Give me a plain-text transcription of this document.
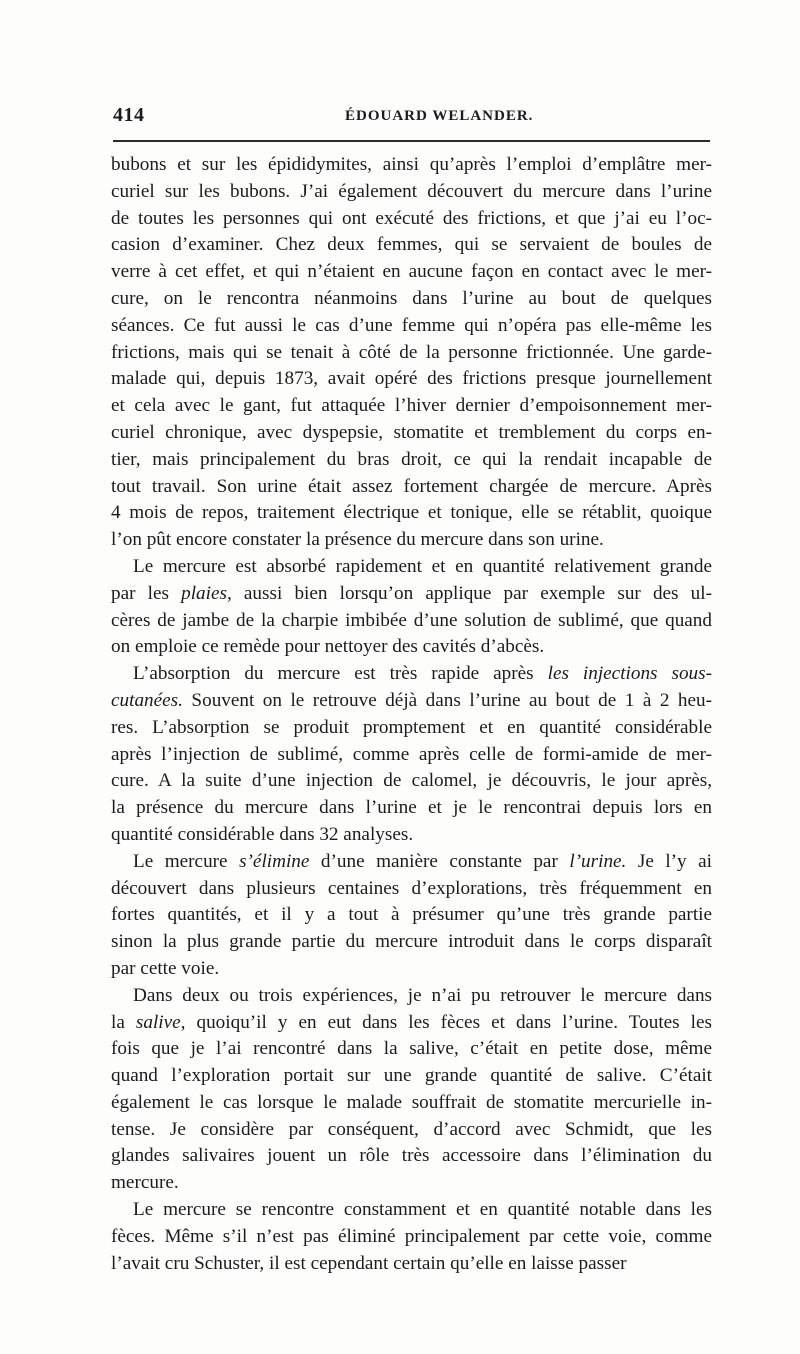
414	ÉDOUARD WELANDER.
bubons et sur les épididymites, ainsi qu’après l’emploi d’emplâtre mer-
curiel sur les bubons. J’ai également découvert du mercure dans l’urine
de toutes les personnes qui ont exécuté des frictions, et que j’ai eu l’oc-
casion d’examiner. Chez deux femmes, qui se servaient de boules de
verre à cet effet, et qui n’étaient en aucune façon en contact avec le mer-
cure, on le rencontra néanmoins dans l’urine au bout de quelques
séances. Ce fut aussi le cas d’une femme qui n’opéra pas elle-même les
frictions, mais qui se tenait à côté de la personne frictionnée. Une garde-
malade qui, depuis 1873, avait opéré des frictions presque journellement
et cela avec le gant, fut attaquée l’hiver dernier d’empoisonnement mer-
curiel chronique, avec dyspepsie, stomatite et tremblement du corps en-
tier, mais principalement du bras droit, ce qui la rendait incapable de
tout travail. Son urine était assez fortement chargée de mercure. Après
4 mois de repos, traitement électrique et tonique, elle se rétablit, quoique
l’on pût encore constater la présence du mercure dans son urine.
Le mercure est absorbé rapidement et en quantité relativement grande
par les plaies, aussi bien lorsqu’on applique par exemple sur des ul-
cères de jambe de la charpie imbibée d’une solution de sublimé, que quand
on emploie ce remède pour nettoyer des cavités d’abcès.
L’absorption du mercure est très rapide après les injections sous-
cutanées. Souvent on le retrouve déjà dans l’urine au bout de 1 à 2 heu-
res. L’absorption se produit promptement et en quantité considérable
après l’injection de sublimé, comme après celle de formi-amide de mer-
cure. A la suite d’une injection de calomel, je découvris, le jour après,
la présence du mercure dans l’urine et je le rencontrai depuis lors en
quantité considérable dans 32 analyses.
Le mercure s’élimine d’une manière constante par l’urine. Je l’y ai
découvert dans plusieurs centaines d’explorations, très fréquemment en
fortes quantités, et il y a tout à présumer qu’une très grande partie
sinon la plus grande partie du mercure introduit dans le corps disparaît
par cette voie.
Dans deux ou trois expériences, je n’ai pu retrouver le mercure dans
la salive, quoiqu’il y en eut dans les fèces et dans l’urine. Toutes les
fois que je l’ai rencontré dans la salive, c’était en petite dose, même
quand l’exploration portait sur une grande quantité de salive. C’était
également le cas lorsque le malade souffrait de stomatite mercurielle in-
tense. Je considère par conséquent, d’accord avec Schmidt, que les
glandes salivaires jouent un rôle très accessoire dans l’élimination du
mercure.
Le mercure se rencontre constamment et en quantité notable dans les
fèces. Même s’il n’est pas éliminé principalement par cette voie, comme
l’avait cru Schuster, il est cependant certain qu’elle en laisse passer
